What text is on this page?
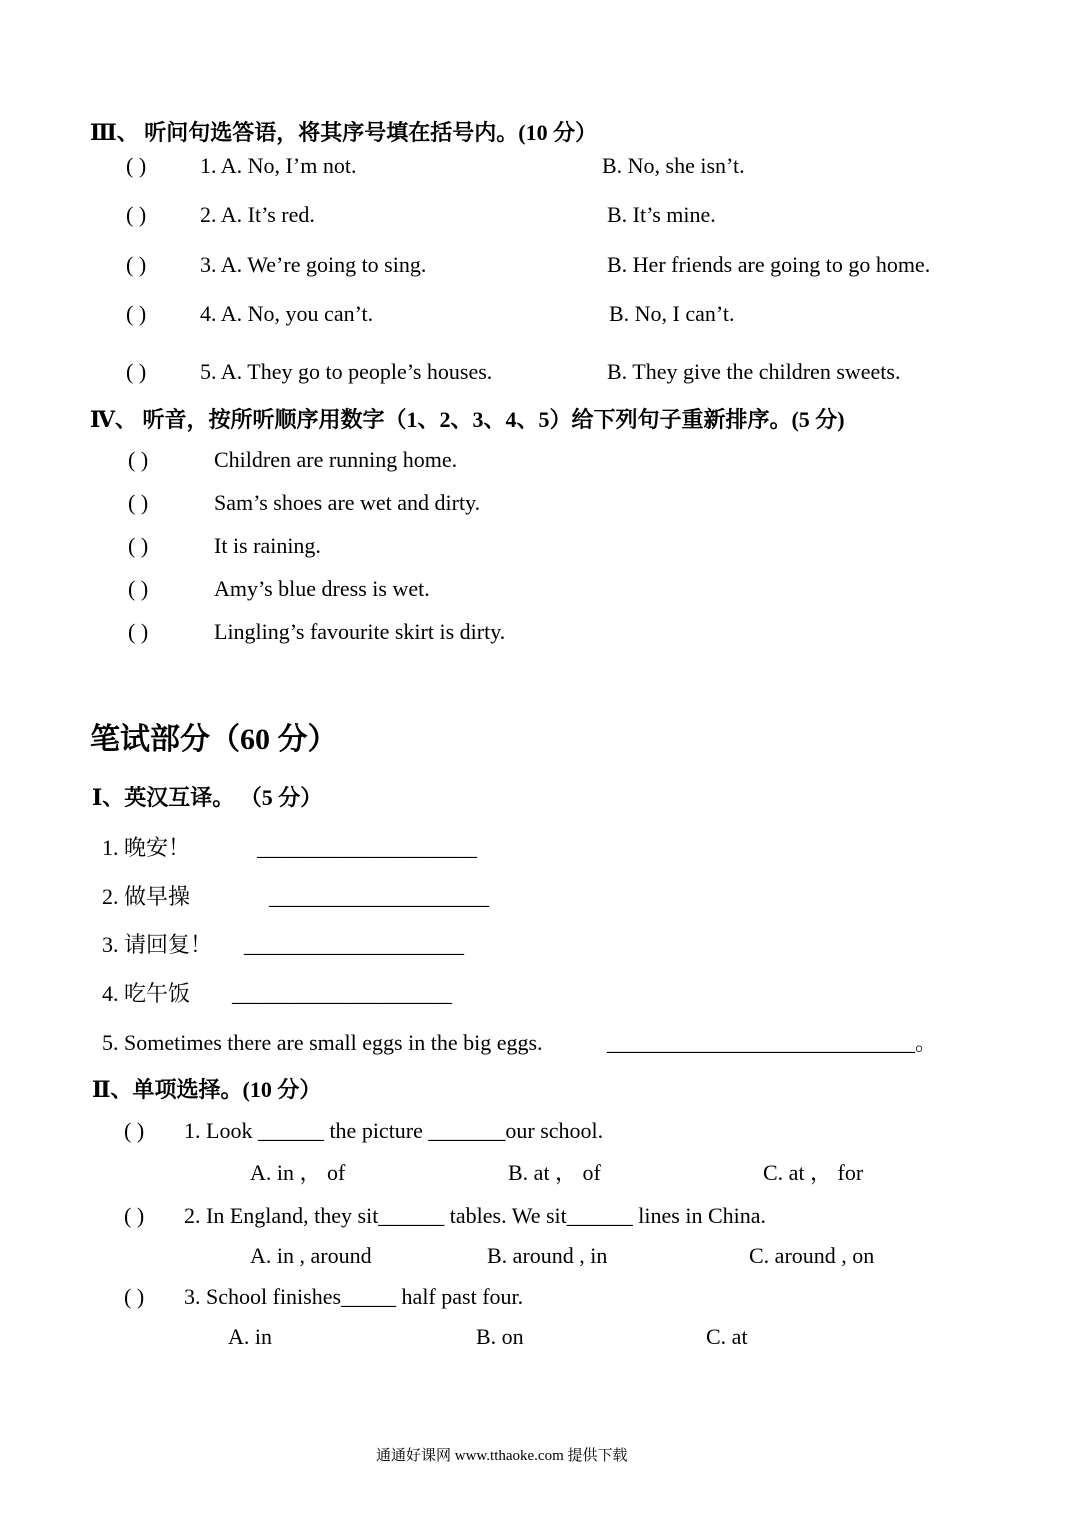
Ⅲ、 听问句选答语，将其序号填在括号内。(10 分）
( ) 1. A. No, I’m not.	B. No, she isn’t.
( ) 2. A. It’s red.	B. It’s mine.
( ) 3. A. We’re going to sing.	B. Her friends are going to go home.
( ) 4. A. No, you can’t.	B. No, I can’t.
( ) 5. A. They go to people’s houses.	B. They give the children sweets.
Ⅳ、 听音，按所听顺序用数字（1、2、3、4、5）给下列句子重新排序。(5 分)
( )	Children are running home.
( )	Sam’s shoes are wet and dirty.
( )	It is raining.
( )	Amy’s blue dress is wet.
( )	Lingling’s favourite skirt is dirty.
笔试部分（60 分）
Ⅰ、英汉互译。 （5 分）
1. 晚安！	____________________
2. 做早操	____________________
3. 请回复！ ____________________
4. 吃午饭 ____________________
5. Sometimes there are small eggs in the big eggs.	____________________________。
Ⅱ、单项选择。(10 分）
( ) 1. Look ______ the picture _______our school.
A. in ， of	B. at ， of	C. at ， for
( ) 2. In England, they sit______ tables. We sit______ lines in China.
A. in , around	B. around , in	C. around , on
( ) 3. School finishes_____ half past four.
A. in	B. on	C. at
通通好课网 www.tthaoke.com 提供下载
